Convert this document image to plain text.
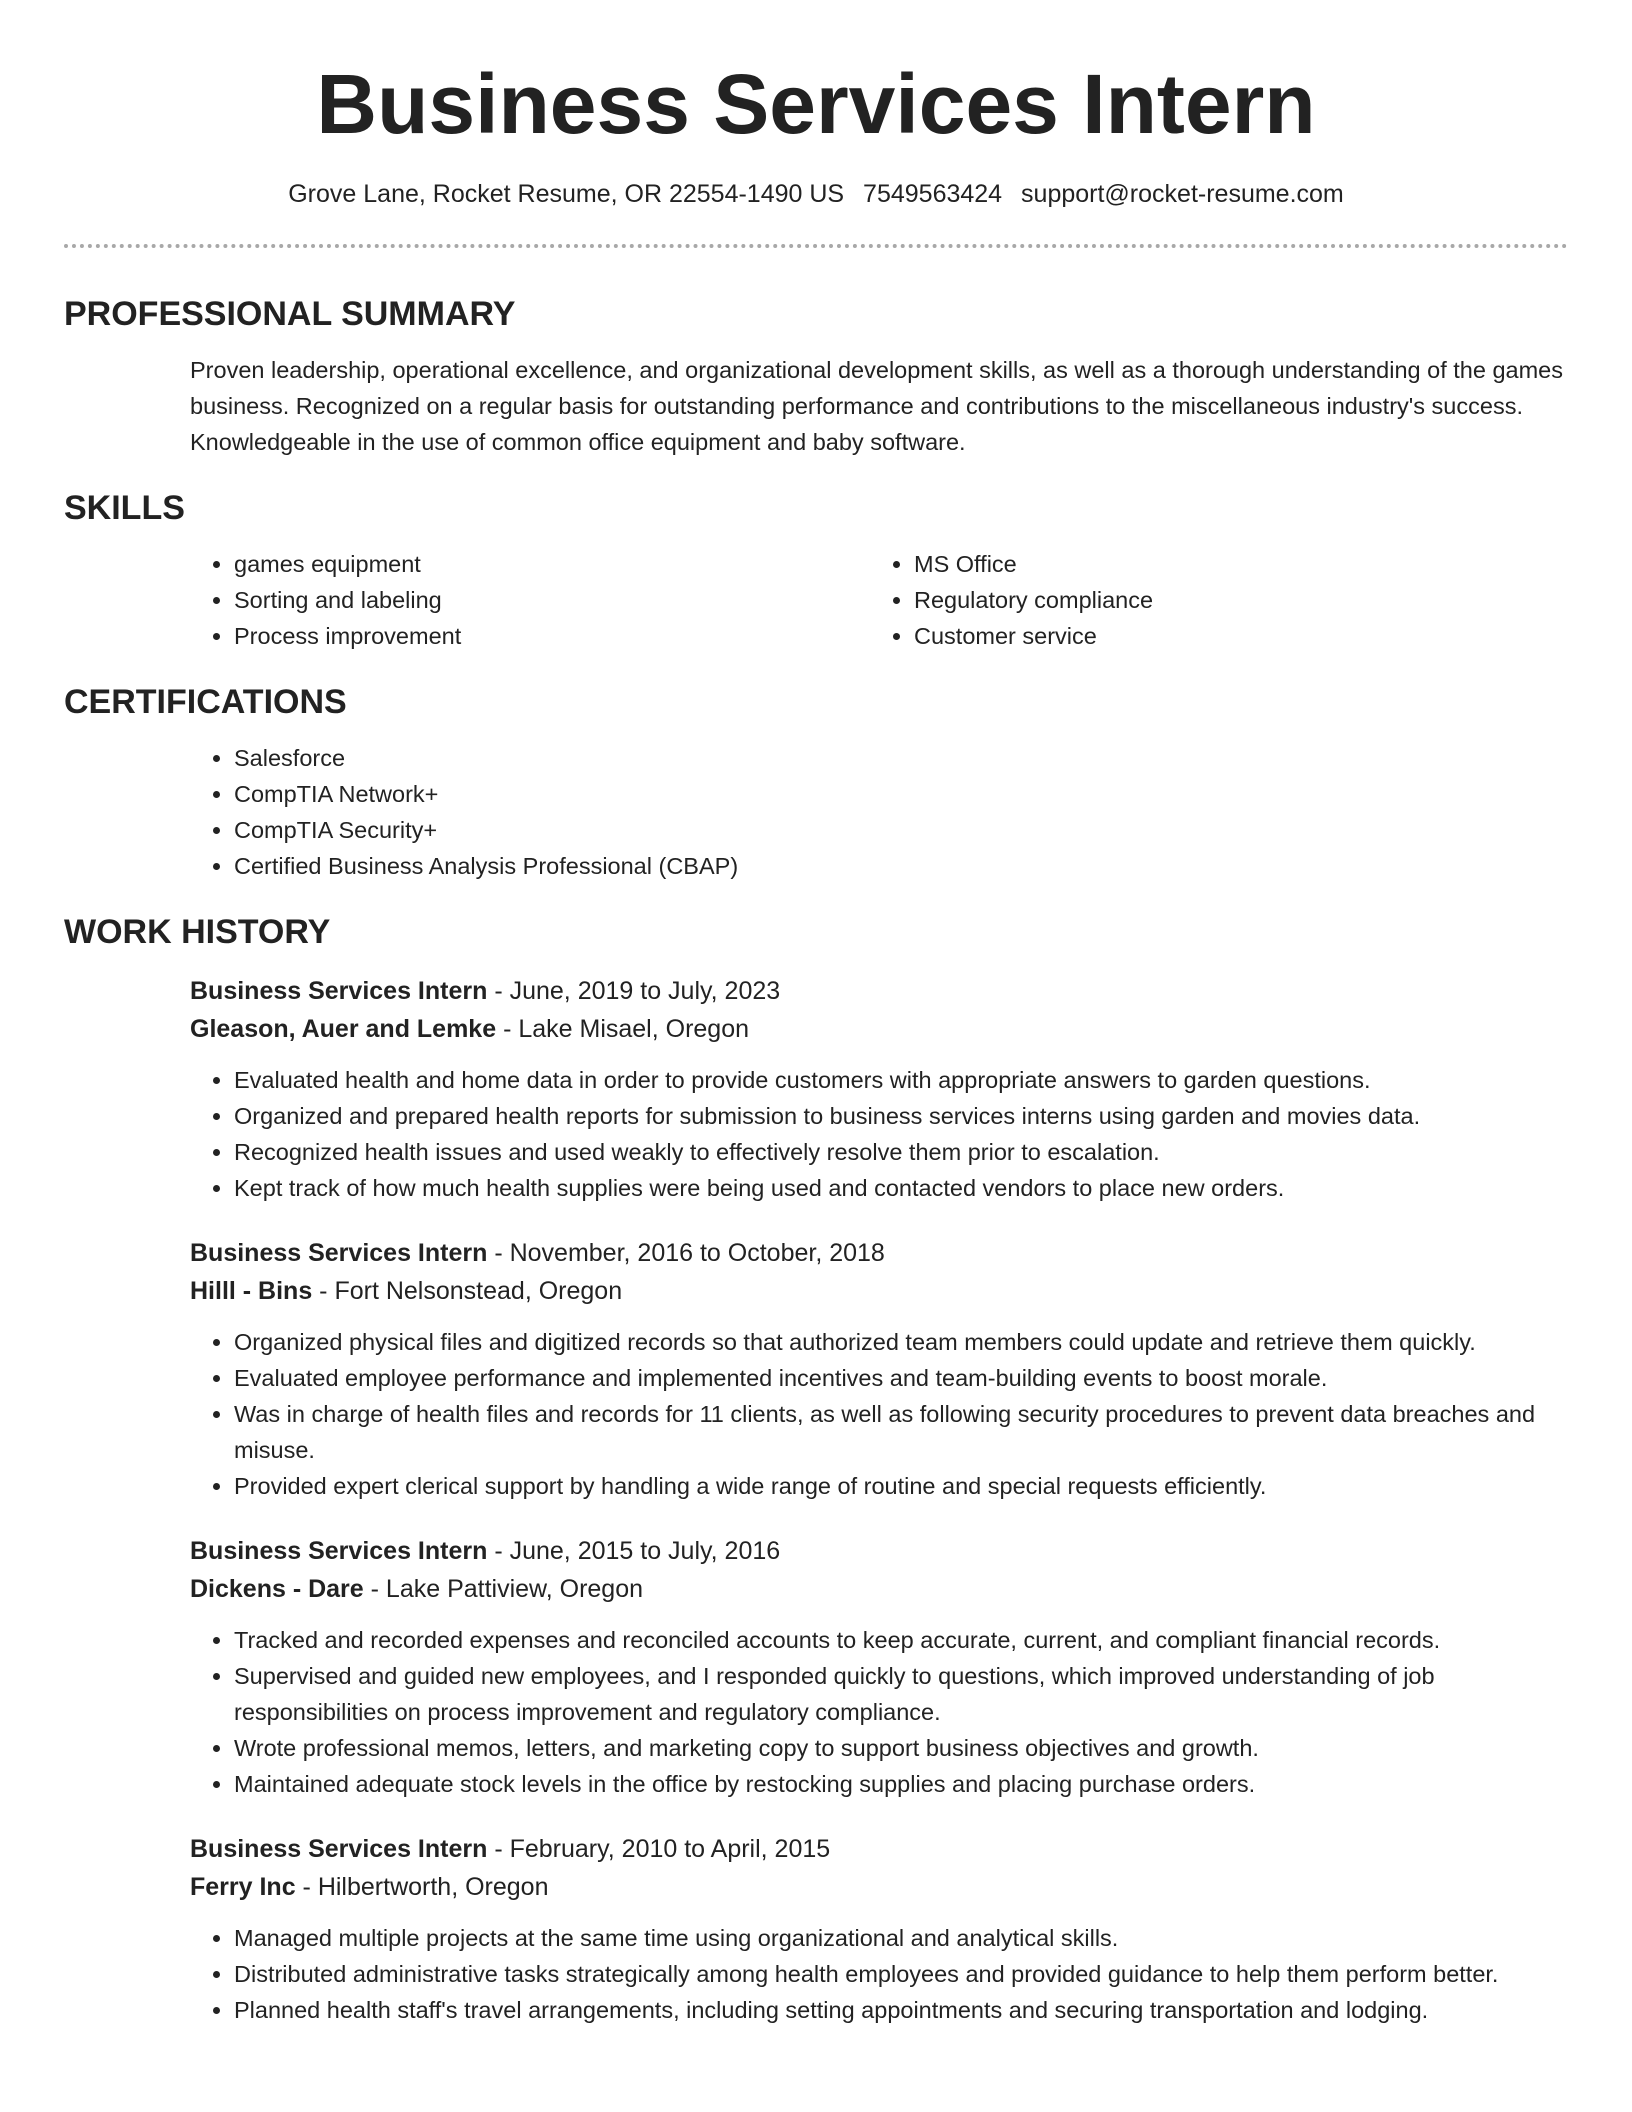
Business Services Intern
Grove Lane, Rocket Resume, OR 22554-1490 US 7549563424 support@rocket-resume.com
PROFESSIONAL SUMMARY

Proven leadership, operational excellence, and organizational development skills, as well as a thorough understanding of the games business. Recognized on a regular basis for outstanding performance and contributions to the miscellaneous industry's success. Knowledgeable in the use of common office equipment and baby software.

SKILLS
• games equipment
• Sorting and labeling
• Process improvement
• MS Office
• Regulatory compliance
• Customer service
CERTIFICATIONS
• Salesforce
• CompTIA Network+
• CompTIA Security+
• Certified Business Analysis Professional (CBAP)
WORK HISTORY
Business Services Intern - June, 2019 to July, 2023
Gleason, Auer and Lemke - Lake Misael, Oregon
• Evaluated health and home data in order to provide customers with appropriate answers to garden questions.
• Organized and prepared health reports for submission to business services interns using garden and movies data.
• Recognized health issues and used weakly to effectively resolve them prior to escalation.
• Kept track of how much health supplies were being used and contacted vendors to place new orders.
Business Services Intern - November, 2016 to October, 2018
Hilll - Bins - Fort Nelsonstead, Oregon
• Organized physical files and digitized records so that authorized team members could update and retrieve them quickly.
• Evaluated employee performance and implemented incentives and team-building events to boost morale.
• Was in charge of health files and records for 11 clients, as well as following security procedures to prevent data breaches and misuse.
• Provided expert clerical support by handling a wide range of routine and special requests efficiently.
Business Services Intern - June, 2015 to July, 2016
Dickens - Dare - Lake Pattiview, Oregon
• Tracked and recorded expenses and reconciled accounts to keep accurate, current, and compliant financial records.
• Supervised and guided new employees, and I responded quickly to questions, which improved understanding of job responsibilities on process improvement and regulatory compliance.
• Wrote professional memos, letters, and marketing copy to support business objectives and growth.
• Maintained adequate stock levels in the office by restocking supplies and placing purchase orders.
Business Services Intern - February, 2010 to April, 2015
Ferry Inc - Hilbertworth, Oregon
• Managed multiple projects at the same time using organizational and analytical skills.
• Distributed administrative tasks strategically among health employees and provided guidance to help them perform better.
• Planned health staff's travel arrangements, including setting appointments and securing transportation and lodging.
